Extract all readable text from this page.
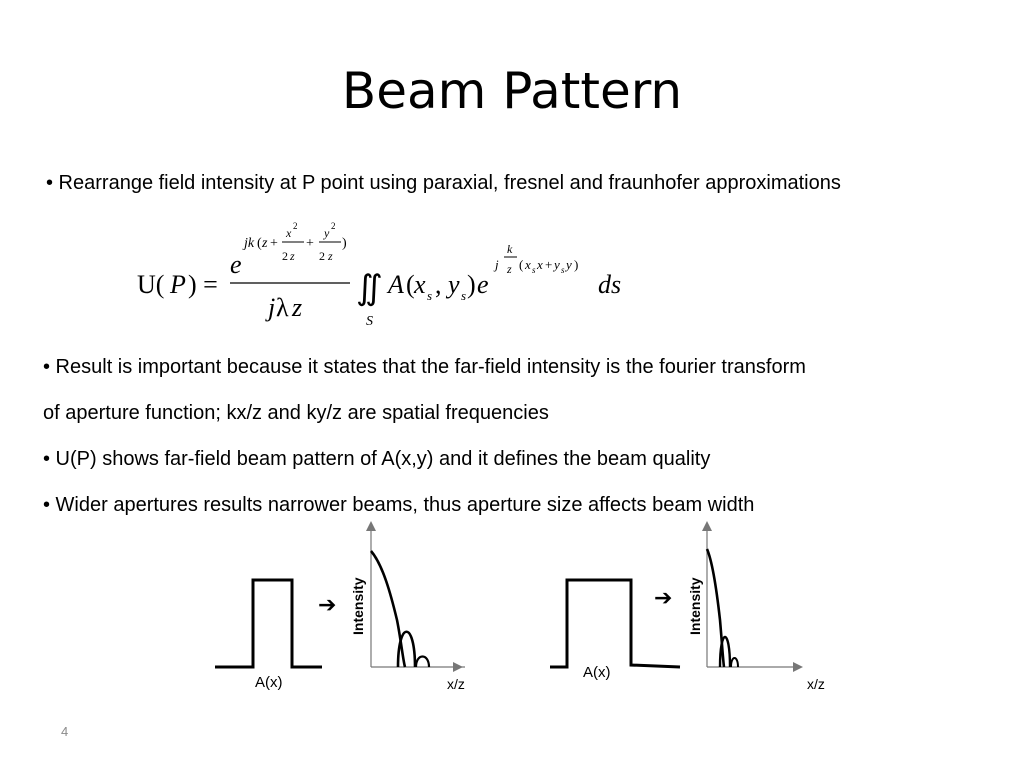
Beam Pattern
• Rearrange field intensity at P point using paraxial, fresnel and fraunhofer approximations
U( P ) =
e
jk ( z +
x 2
2 z
+
y 2
2 z
)
j λ z
∬
S
A ( x s , y s ) e
j
k
z ( x s x + y s y )
ds
• Result is important because it states that the far-field intensity is the fourier transform
of aperture function; kx/z and ky/z are spatial frequencies
• U(P) shows far-field beam pattern of A(x,y) and it defines the beam quality
• Wider apertures results narrower beams, thus aperture size affects beam width
A(x)
➔ Intensity
x/z
A(x)
➔ Intensity
x/z
4
